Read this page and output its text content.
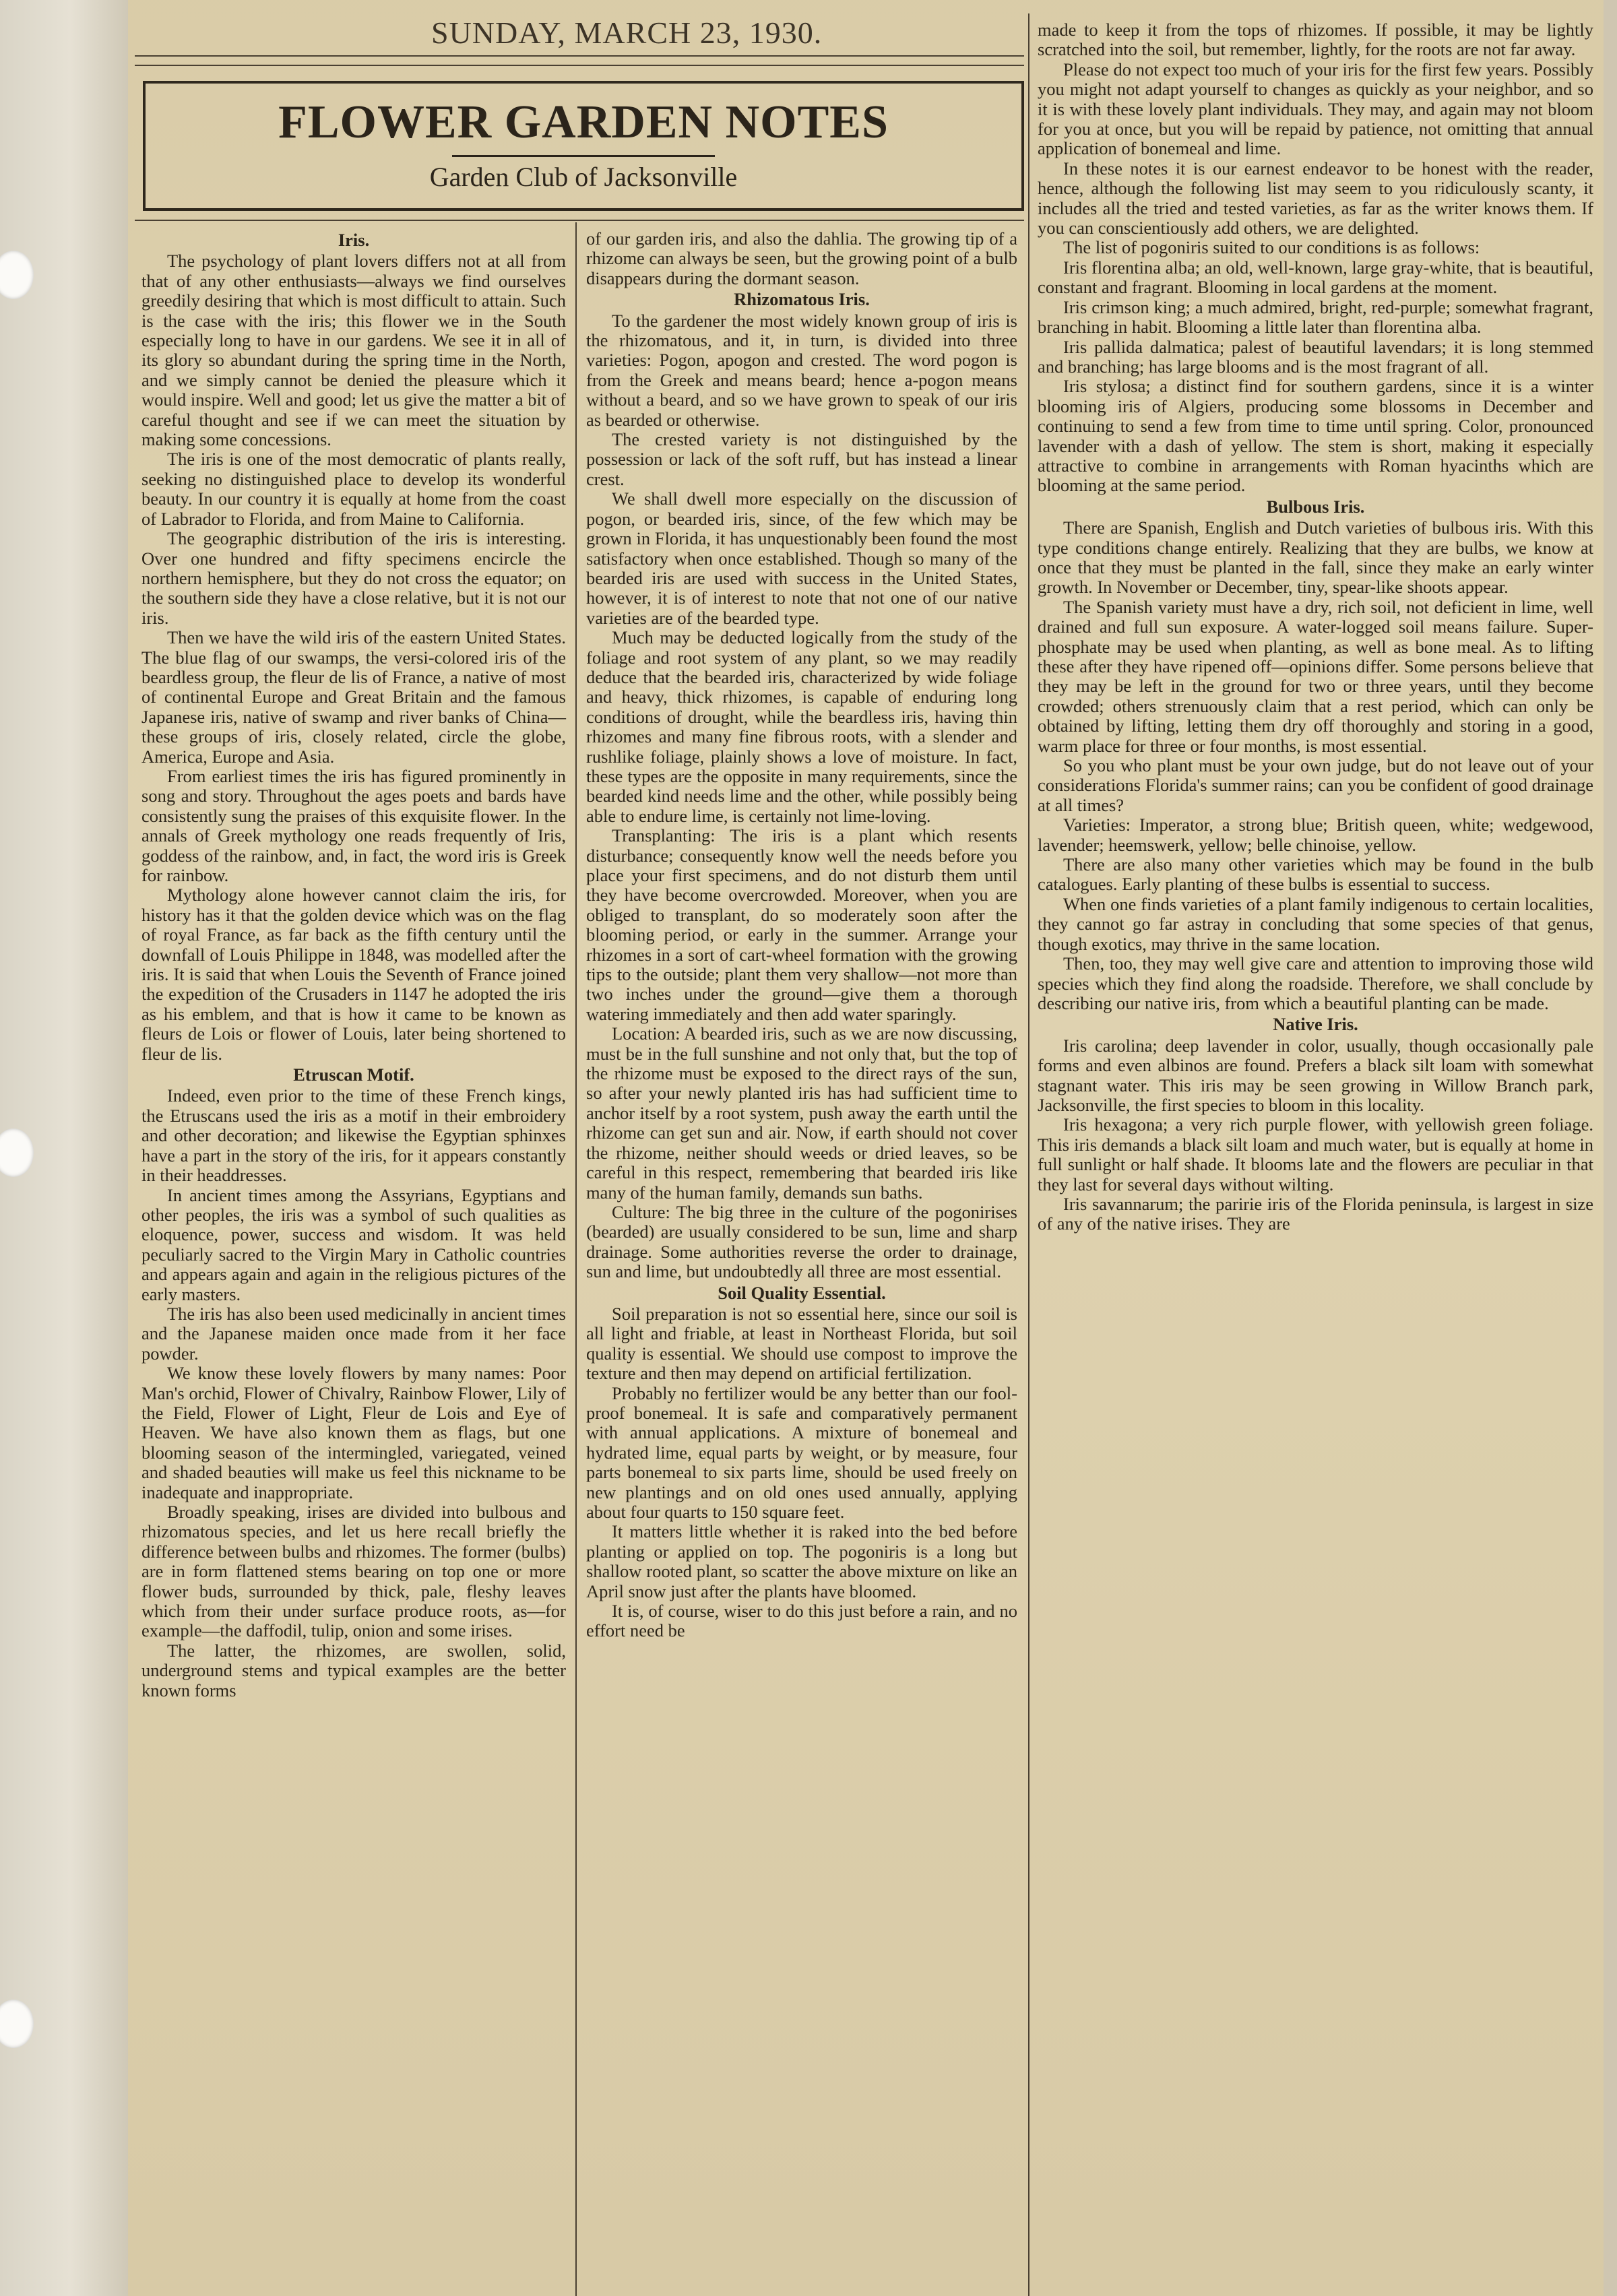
SUNDAY, MARCH 23, 1930.
FLOWER GARDEN NOTES
Garden Club of Jacksonville
Iris.
The psychology of plant lovers differs not at all from that of any other enthusiasts—always we find ourselves greedily desiring that which is most difficult to attain. Such is the case with the iris; this flower we in the South especially long to have in our gardens. We see it in all of its glory so abundant during the spring time in the North, and we simply cannot be denied the pleasure which it would inspire. Well and good; let us give the matter a bit of careful thought and see if we can meet the situation by making some concessions.
The iris is one of the most democratic of plants really, seeking no distinguished place to develop its wonderful beauty. In our country it is equally at home from the coast of Labrador to Florida, and from Maine to California.
The geographic distribution of the iris is interesting. Over one hundred and fifty specimens encircle the northern hemisphere, but they do not cross the equator; on the southern side they have a close relative, but it is not our iris.
Then we have the wild iris of the eastern United States. The blue flag of our swamps, the versi-colored iris of the beardless group, the fleur de lis of France, a native of most of continental Europe and Great Britain and the famous Japanese iris, native of swamp and river banks of China—these groups of iris, closely related, circle the globe, America, Europe and Asia.
From earliest times the iris has figured prominently in song and story. Throughout the ages poets and bards have consistently sung the praises of this exquisite flower. In the annals of Greek mythology one reads frequently of Iris, goddess of the rainbow, and, in fact, the word iris is Greek for rainbow.
Mythology alone however cannot claim the iris, for history has it that the golden device which was on the flag of royal France, as far back as the fifth century until the downfall of Louis Philippe in 1848, was modelled after the iris. It is said that when Louis the Seventh of France joined the expedition of the Crusaders in 1147 he adopted the iris as his emblem, and that is how it came to be known as fleurs de Lois or flower of Louis, later being shortened to fleur de lis.
Etruscan Motif.
Indeed, even prior to the time of these French kings, the Etruscans used the iris as a motif in their embroidery and other decoration; and likewise the Egyptian sphinxes have a part in the story of the iris, for it appears constantly in their headdresses.
In ancient times among the Assyrians, Egyptians and other peoples, the iris was a symbol of such qualities as eloquence, power, success and wisdom. It was held peculiarly sacred to the Virgin Mary in Catholic countries and appears again and again in the religious pictures of the early masters.
The iris has also been used medicinally in ancient times and the Japanese maiden once made from it her face powder.
We know these lovely flowers by many names: Poor Man's orchid, Flower of Chivalry, Rainbow Flower, Lily of the Field, Flower of Light, Fleur de Lois and Eye of Heaven. We have also known them as flags, but one blooming season of the intermingled, variegated, veined and shaded beauties will make us feel this nickname to be inadequate and inappropriate.
Broadly speaking, irises are divided into bulbous and rhizomatous species, and let us here recall briefly the difference between bulbs and rhizomes. The former (bulbs) are in form flattened stems bearing on top one or more flower buds, surrounded by thick, pale, fleshy leaves which from their under surface produce roots, as—for example—the daffodil, tulip, onion and some irises.
The latter, the rhizomes, are swollen, solid, underground stems and typical examples are the better known forms
of our garden iris, and also the dahlia. The growing tip of a rhizome can always be seen, but the growing point of a bulb disappears during the dormant season.
Rhizomatous Iris.
To the gardener the most widely known group of iris is the rhizomatous, and it, in turn, is divided into three varieties: Pogon, apogon and crested. The word pogon is from the Greek and means beard; hence a-pogon means without a beard, and so we have grown to speak of our iris as bearded or otherwise.
The crested variety is not distinguished by the possession or lack of the soft ruff, but has instead a linear crest.
We shall dwell more especially on the discussion of pogon, or bearded iris, since, of the few which may be grown in Florida, it has unquestionably been found the most satisfactory when once established. Though so many of the bearded iris are used with success in the United States, however, it is of interest to note that not one of our native varieties are of the bearded type.
Much may be deducted logically from the study of the foliage and root system of any plant, so we may readily deduce that the bearded iris, characterized by wide foliage and heavy, thick rhizomes, is capable of enduring long conditions of drought, while the beardless iris, having thin rhizomes and many fine fibrous roots, with a slender and rushlike foliage, plainly shows a love of moisture. In fact, these types are the opposite in many requirements, since the bearded kind needs lime and the other, while possibly being able to endure lime, is certainly not lime-loving.
Transplanting: The iris is a plant which resents disturbance; consequently know well the needs before you place your first specimens, and do not disturb them until they have become overcrowded. Moreover, when you are obliged to transplant, do so moderately soon after the blooming period, or early in the summer. Arrange your rhizomes in a sort of cart-wheel formation with the growing tips to the outside; plant them very shallow—not more than two inches under the ground—give them a thorough watering immediately and then add water sparingly.
Location: A bearded iris, such as we are now discussing, must be in the full sunshine and not only that, but the top of the rhizome must be exposed to the direct rays of the sun, so after your newly planted iris has had sufficient time to anchor itself by a root system, push away the earth until the rhizome can get sun and air. Now, if earth should not cover the rhizome, neither should weeds or dried leaves, so be careful in this respect, remembering that bearded iris like many of the human family, demands sun baths.
Culture: The big three in the culture of the pogonirises (bearded) are usually considered to be sun, lime and sharp drainage. Some authorities reverse the order to drainage, sun and lime, but undoubtedly all three are most essential.
Soil Quality Essential.
Soil preparation is not so essential here, since our soil is all light and friable, at least in Northeast Florida, but soil quality is essential. We should use compost to improve the texture and then may depend on artificial fertilization.
Probably no fertilizer would be any better than our fool-proof bonemeal. It is safe and comparatively permanent with annual applications. A mixture of bonemeal and hydrated lime, equal parts by weight, or by measure, four parts bonemeal to six parts lime, should be used freely on new plantings and on old ones used annually, applying about four quarts to 150 square feet.
It matters little whether it is raked into the bed before planting or applied on top. The pogoniris is a long but shallow rooted plant, so scatter the above mixture on like an April snow just after the plants have bloomed.
It is, of course, wiser to do this just before a rain, and no effort need be
made to keep it from the tops of rhizomes. If possible, it may be lightly scratched into the soil, but remember, lightly, for the roots are not far away.
Please do not expect too much of your iris for the first few years. Possibly you might not adapt yourself to changes as quickly as your neighbor, and so it is with these lovely plant individuals. They may, and again may not bloom for you at once, but you will be repaid by patience, not omitting that annual application of bonemeal and lime.
In these notes it is our earnest endeavor to be honest with the reader, hence, although the following list may seem to you ridiculously scanty, it includes all the tried and tested varieties, as far as the writer knows them. If you can conscientiously add others, we are delighted.
The list of pogoniris suited to our conditions is as follows:
Iris florentina alba; an old, well-known, large gray-white, that is beautiful, constant and fragrant. Blooming in local gardens at the moment.
Iris crimson king; a much admired, bright, red-purple; somewhat fragrant, branching in habit. Blooming a little later than florentina alba.
Iris pallida dalmatica; palest of beautiful lavendars; it is long stemmed and branching; has large blooms and is the most fragrant of all.
Iris stylosa; a distinct find for southern gardens, since it is a winter blooming iris of Algiers, producing some blossoms in December and continuing to send a few from time to time until spring. Color, pronounced lavender with a dash of yellow. The stem is short, making it especially attractive to combine in arrangements with Roman hyacinths which are blooming at the same period.
Bulbous Iris.
There are Spanish, English and Dutch varieties of bulbous iris. With this type conditions change entirely. Realizing that they are bulbs, we know at once that they must be planted in the fall, since they make an early winter growth. In November or December, tiny, spear-like shoots appear.
The Spanish variety must have a dry, rich soil, not deficient in lime, well drained and full sun exposure. A water-logged soil means failure. Super-phosphate may be used when planting, as well as bone meal. As to lifting these after they have ripened off—opinions differ. Some persons believe that they may be left in the ground for two or three years, until they become crowded; others strenuously claim that a rest period, which can only be obtained by lifting, letting them dry off thoroughly and storing in a good, warm place for three or four months, is most essential.
So you who plant must be your own judge, but do not leave out of your considerations Florida's summer rains; can you be confident of good drainage at all times?
Varieties: Imperator, a strong blue; British queen, white; wedgewood, lavender; heemswerk, yellow; belle chinoise, yellow.
There are also many other varieties which may be found in the bulb catalogues. Early planting of these bulbs is essential to success.
When one finds varieties of a plant family indigenous to certain localities, they cannot go far astray in concluding that some species of that genus, though exotics, may thrive in the same location.
Then, too, they may well give care and attention to improving those wild species which they find along the roadside. Therefore, we shall conclude by describing our native iris, from which a beautiful planting can be made.
Native Iris.
Iris carolina; deep lavender in color, usually, though occasionally pale forms and even albinos are found. Prefers a black silt loam with somewhat stagnant water. This iris may be seen growing in Willow Branch park, Jacksonville, the first species to bloom in this locality.
Iris hexagona; a very rich purple flower, with yellowish green foliage. This iris demands a black silt loam and much water, but is equally at home in full sunlight or half shade. It blooms late and the flowers are peculiar in that they last for several days without wilting.
Iris savannarum; the paririe iris of the Florida peninsula, is largest in size of any of the native irises. They are
